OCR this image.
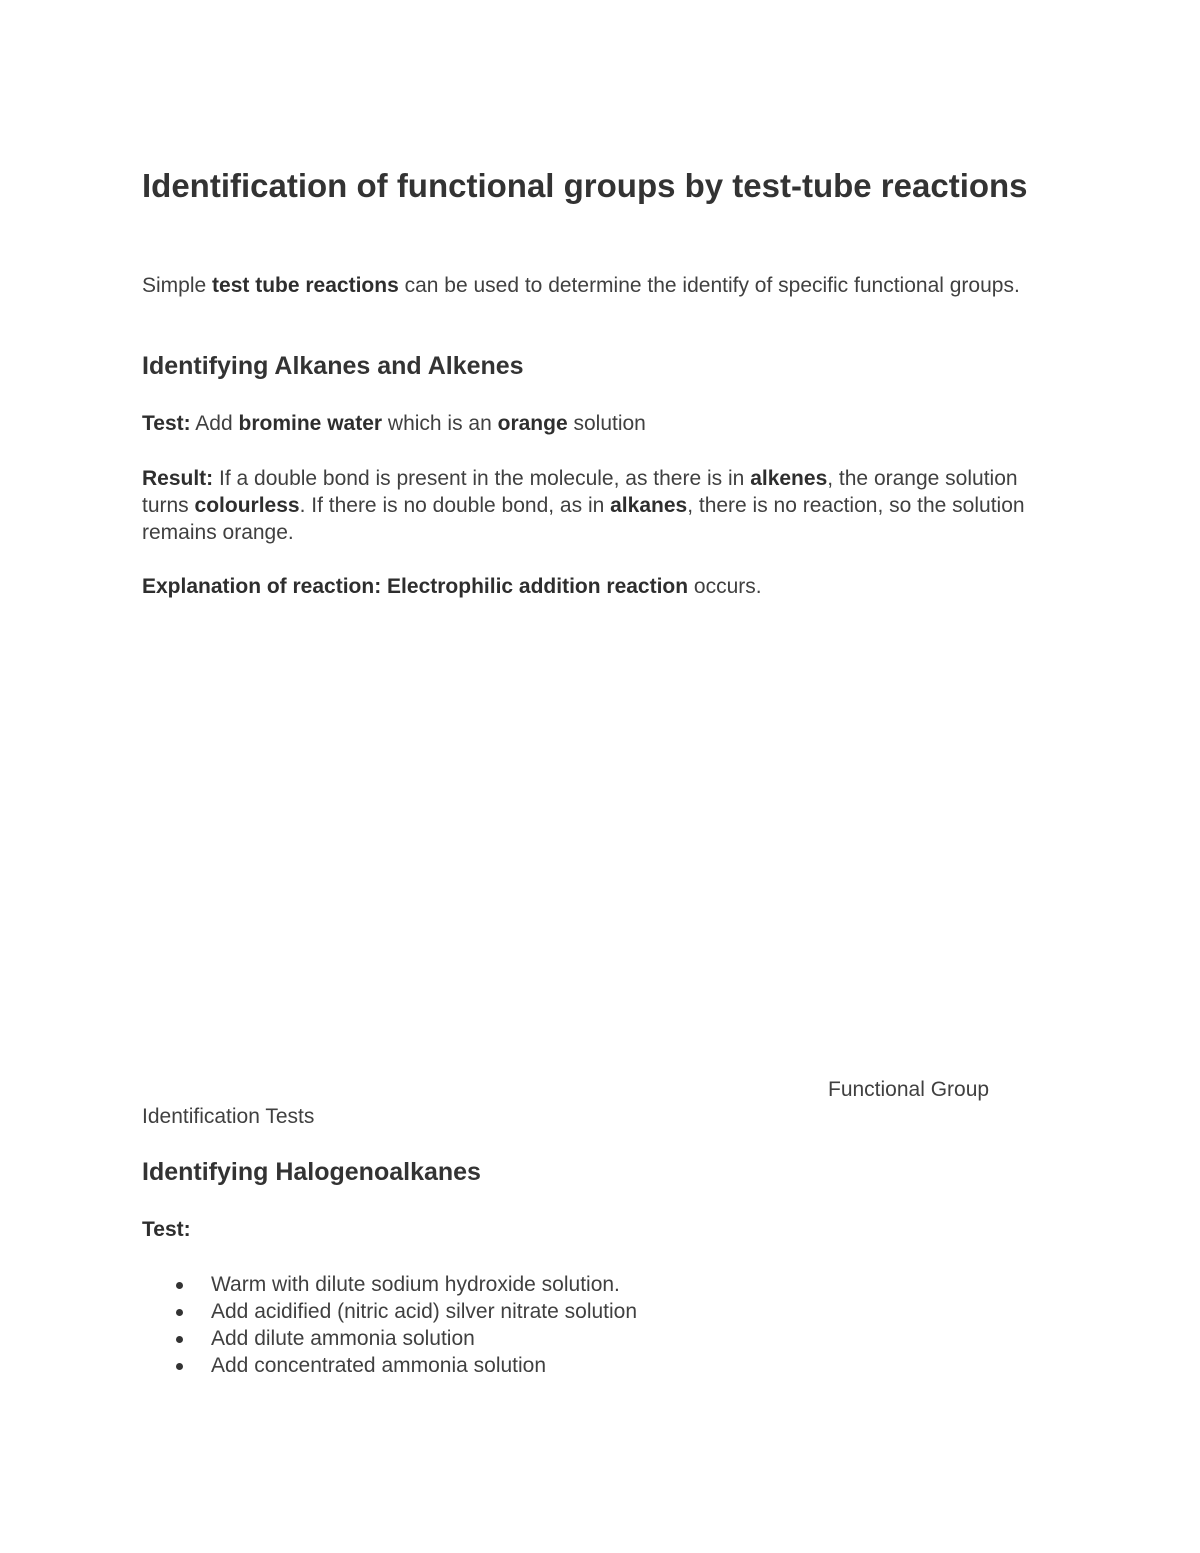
Identification of functional groups by test-tube reactions

Simple test tube reactions can be used to determine the identify of specific functional groups.

Identifying Alkanes and Alkenes

Test: Add bromine water which is an orange solution

Result: If a double bond is present in the molecule, as there is in alkenes, the orange solution turns colourless. If there is no double bond, as in alkanes, there is no reaction, so the solution remains orange.

Explanation of reaction: Electrophilic addition reaction occurs.

Functional Group

Identification Tests

Identifying Halogenoalkanes

Test:

Warm with dilute sodium hydroxide solution.
Add acidified (nitric acid) silver nitrate solution
Add dilute ammonia solution
Add concentrated ammonia solution
